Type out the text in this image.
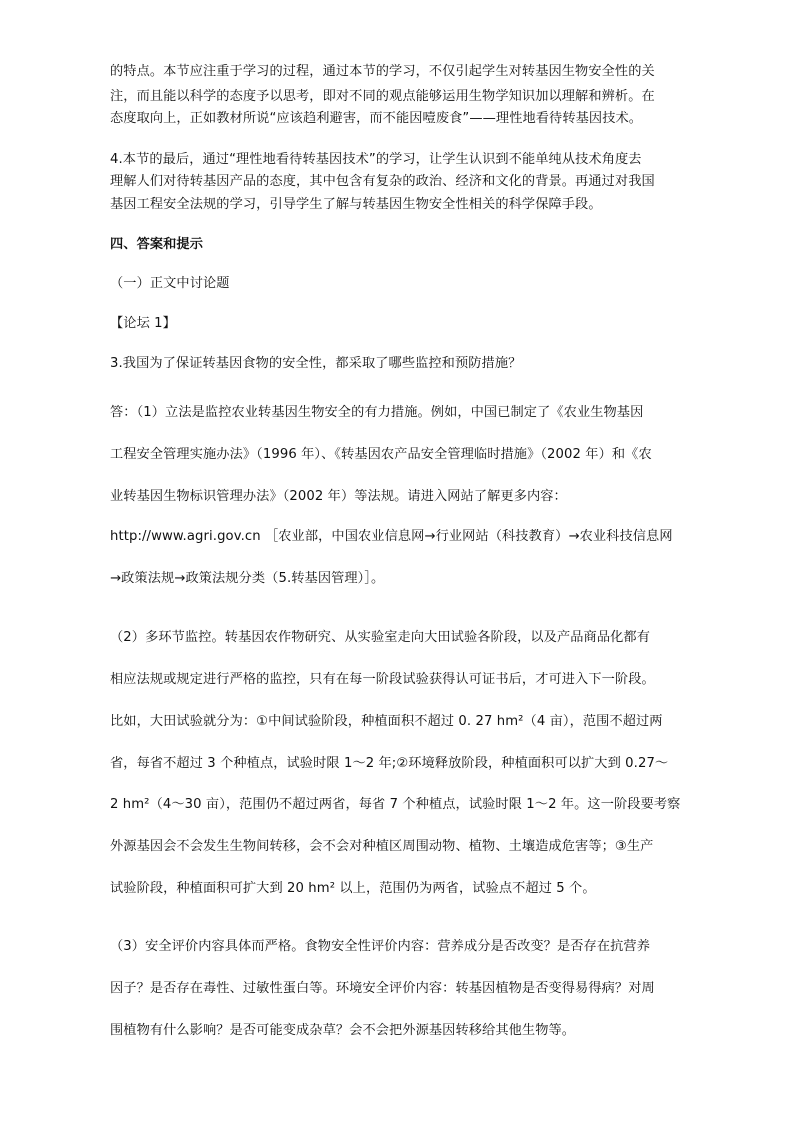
的特点。本节应注重于学习的过程，通过本节的学习，不仅引起学生对转基因生物安全性的关
注，而且能以科学的态度予以思考，即对不同的观点能够运用生物学知识加以理解和辨析。在
态度取向上，正如教材所说“应该趋利避害，而不能因噎废食”——理性地看待转基因技术。
4.本节的最后，通过“理性地看待转基因技术”的学习，让学生认识到不能单纯从技术角度去
理解人们对待转基因产品的态度，其中包含有复杂的政治、经济和文化的背景。再通过对我国
基因工程安全法规的学习，引导学生了解与转基因生物安全性相关的科学保障手段。
四、答案和提示
（一）正文中讨论题
【论坛 1】
3.我国为了保证转基因食物的安全性，都采取了哪些监控和预防措施？
答：（1）立法是监控农业转基因生物安全的有力措施。例如，中国已制定了《农业生物基因
工程安全管理实施办法》（1996 年）、《转基因农产品安全管理临时措施》（2002 年）和《农
业转基因生物标识管理办法》（2002 年）等法规。请进入网站了解更多内容：
http://www.agri.gov.cn ［农业部，中国农业信息网→行业网站（科技教育）→农业科技信息网
→政策法规→政策法规分类（5.转基因管理）］。
（2）多环节监控。转基因农作物研究、从实验室走向大田试验各阶段，以及产品商品化都有
相应法规或规定进行严格的监控，只有在每一阶段试验获得认可证书后，才可进入下一阶段。
比如，大田试验就分为：①中间试验阶段，种植面积不超过 0. 27 hm²（4 亩），范围不超过两
省，每省不超过 3 个种植点，试验时限 1～2 年;②环境释放阶段，种植面积可以扩大到 0.27～
2 hm²（4～30 亩），范围仍不超过两省，每省 7 个种植点，试验时限 1～2 年。这一阶段要考察
外源基因会不会发生生物间转移，会不会对种植区周围动物、植物、土壤造成危害等；③生产
试验阶段，种植面积可扩大到 20 hm² 以上，范围仍为两省，试验点不超过 5 个。
（3）安全评价内容具体而严格。食物安全性评价内容：营养成分是否改变？是否存在抗营养
因子？是否存在毒性、过敏性蛋白等。环境安全评价内容：转基因植物是否变得易得病？对周
围植物有什么影响？是否可能变成杂草？会不会把外源基因转移给其他生物等。
